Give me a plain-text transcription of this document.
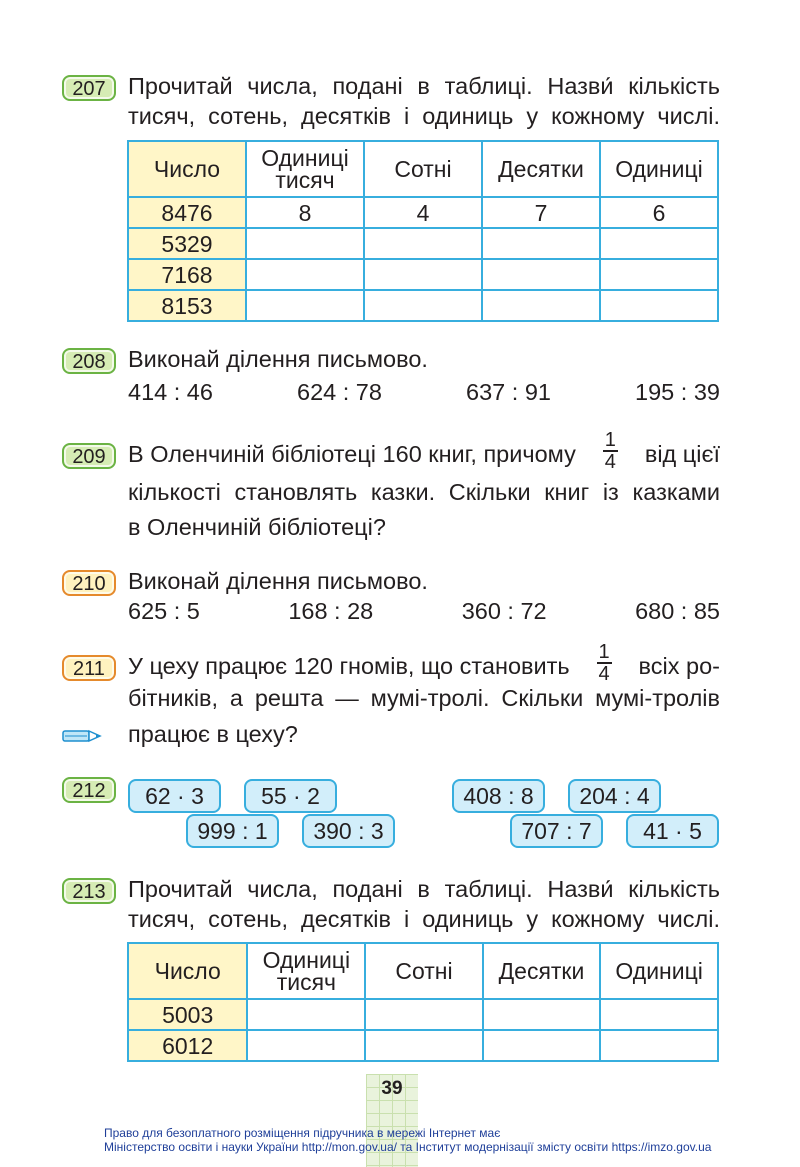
207 Прочитай числа, подані в таблиці. Назви́ кількість
тисяч, сотень, десятків і одиниць у кожному числі.
Число	Одиниці тисяч	Сотні	Десятки	Одиниці
8476	8	4	7	6
5329				
7168				
8153				
208 Виконай ділення письмово.
414 : 46	624 : 78	637 : 91	195 : 39
209 В Оленчиній бібліотеці 160 книг, причому $\frac{1}{4}$ від цієї
кількості становлять казки. Скільки книг із казками
в Оленчиній бібліотеці?
210 Виконай ділення письмово.
625 : 5	168 : 28	360 : 72	680 : 85
211 У цеху працює 120 гномів, що становить $\frac{1}{4}$ всіх ро-
бітників, а решта — мумі-тролі. Скільки мумі-тролів
працює в цеху?
212	62 · 3	55 · 2
999 : 1	390 : 3
408 : 8	204 : 4
707 : 7	41 · 5
213 Прочитай числа, подані в таблиці. Назви́ кількість
тисяч, сотень, десятків і одиниць у кожному числі.
Число	Одиниці тисяч	Сотні	Десятки	Одиниці
5003				
6012				
39
Право для безоплатного розміщення підручника в мережі Інтернет має
Міністерство освіти і науки України http://mon.gov.ua/ та Інститут модернізації змісту освіти https://imzo.gov.ua
